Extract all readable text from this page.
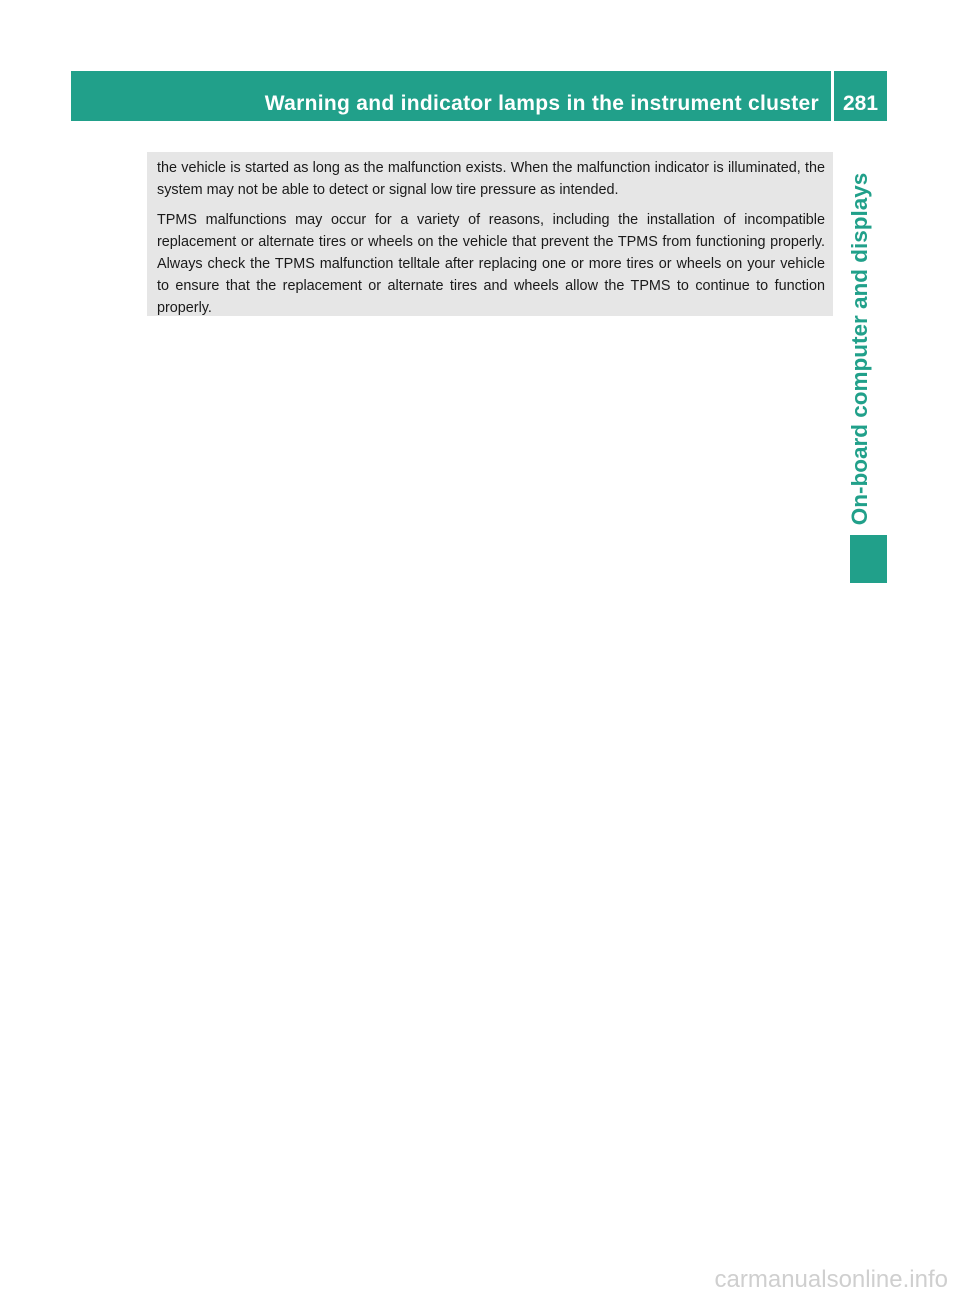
Warning and indicator lamps in the instrument cluster	281
On-board computer and displays

the vehicle is started as long as the malfunction exists. When the malfunction indicator is illuminated, the system may not be able to detect or signal low tire pressure as intended.

TPMS malfunctions may occur for a variety of reasons, including the installation of incompatible replacement or alternate tires or wheels on the vehicle that prevent the TPMS from functioning properly. Always check the TPMS malfunction telltale after replacing one or more tires or wheels on your vehicle to ensure that the replacement or alternate tires and wheels allow the TPMS to continue to function properly.

carmanualsonline.info
